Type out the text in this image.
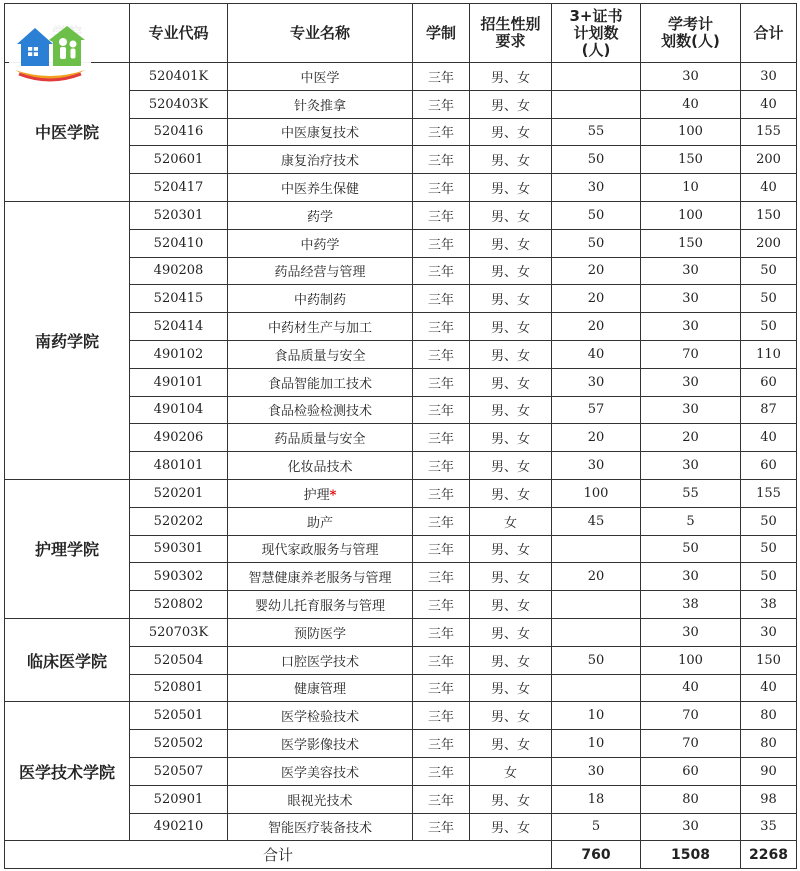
	专业代码	专业名称	学制	招生性别要求	3+证书计划数(人)	学考计划数(人)	合计
中医学院	520401K	中医学	三年	男、女		30	30
	520403K	针灸推拿	三年	男、女		40	40
	520416	中医康复技术	三年	男、女	55	100	155
	520601	康复治疗技术	三年	男、女	50	150	200
	520417	中医养生保健	三年	男、女	30	10	40
南药学院	520301	药学	三年	男、女	50	100	150
	520410	中药学	三年	男、女	50	150	200
	490208	药品经营与管理	三年	男、女	20	30	50
	520415	中药制药	三年	男、女	20	30	50
	520414	中药材生产与加工	三年	男、女	20	30	50
	490102	食品质量与安全	三年	男、女	40	70	110
	490101	食品智能加工技术	三年	男、女	30	30	60
	490104	食品检验检测技术	三年	男、女	57	30	87
	490206	药品质量与安全	三年	男、女	20	20	40
	480101	化妆品技术	三年	男、女	30	30	60
护理学院	520201	护理*	三年	男、女	100	55	155
	520202	助产	三年	女	45	5	50
	590301	现代家政服务与管理	三年	男、女		50	50
	590302	智慧健康养老服务与管理	三年	男、女	20	30	50
	520802	婴幼儿托育服务与管理	三年	男、女		38	38
临床医学院	520703K	预防医学	三年	男、女		30	30
	520504	口腔医学技术	三年	男、女	50	100	150
	520801	健康管理	三年	男、女		40	40
医学技术学院	520501	医学检验技术	三年	男、女	10	70	80
	520502	医学影像技术	三年	男、女	10	70	80
	520507	医学美容技术	三年	女	30	60	90
	520901	眼视光技术	三年	男、女	18	80	98
	490210	智能医疗装备技术	三年	男、女	5	30	35
合计					760	1508	2268
